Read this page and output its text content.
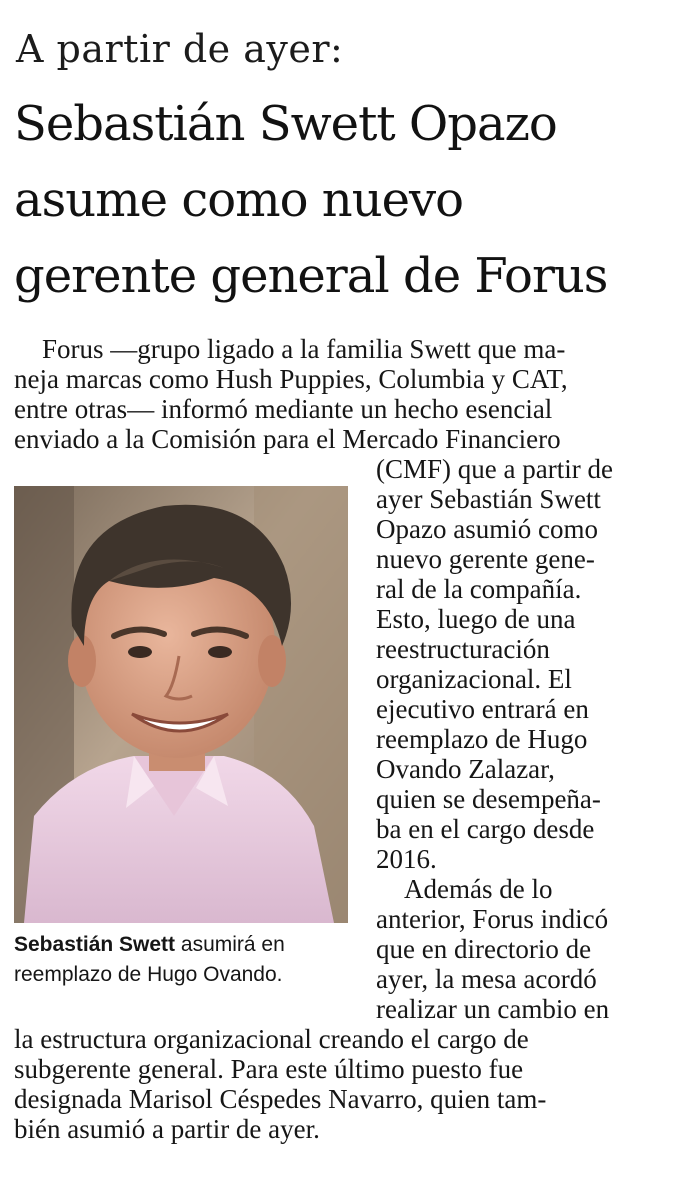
A partir de ayer:
Sebastián Swett Opazo
asume como nuevo
gerente general de Forus

Forus —grupo ligado a la familia Swett que ma-

neja marcas como Hush Puppies, Columbia y CAT,

entre otras— informó mediante un hecho esencial

enviado a la Comisión para el Mercado Financiero

(CMF) que a partir de

ayer Sebastián Swett

Opazo asumió como

nuevo gerente gene-

ral de la compañía.

Esto, luego de una

reestructuración

organizacional. El

ejecutivo entrará en

reemplazo de Hugo

Ovando Zalazar,

quien se desempeña-

ba en el cargo desde

2016.

Además de lo

anterior, Forus indicó

que en directorio de

ayer, la mesa acordó

realizar un cambio en

la estructura organizacional creando el cargo de

subgerente general. Para este último puesto fue

designada Marisol Céspedes Navarro, quien tam-

bién asumió a partir de ayer.

Sebastián Swett asumirá en
reemplazo de Hugo Ovando.
